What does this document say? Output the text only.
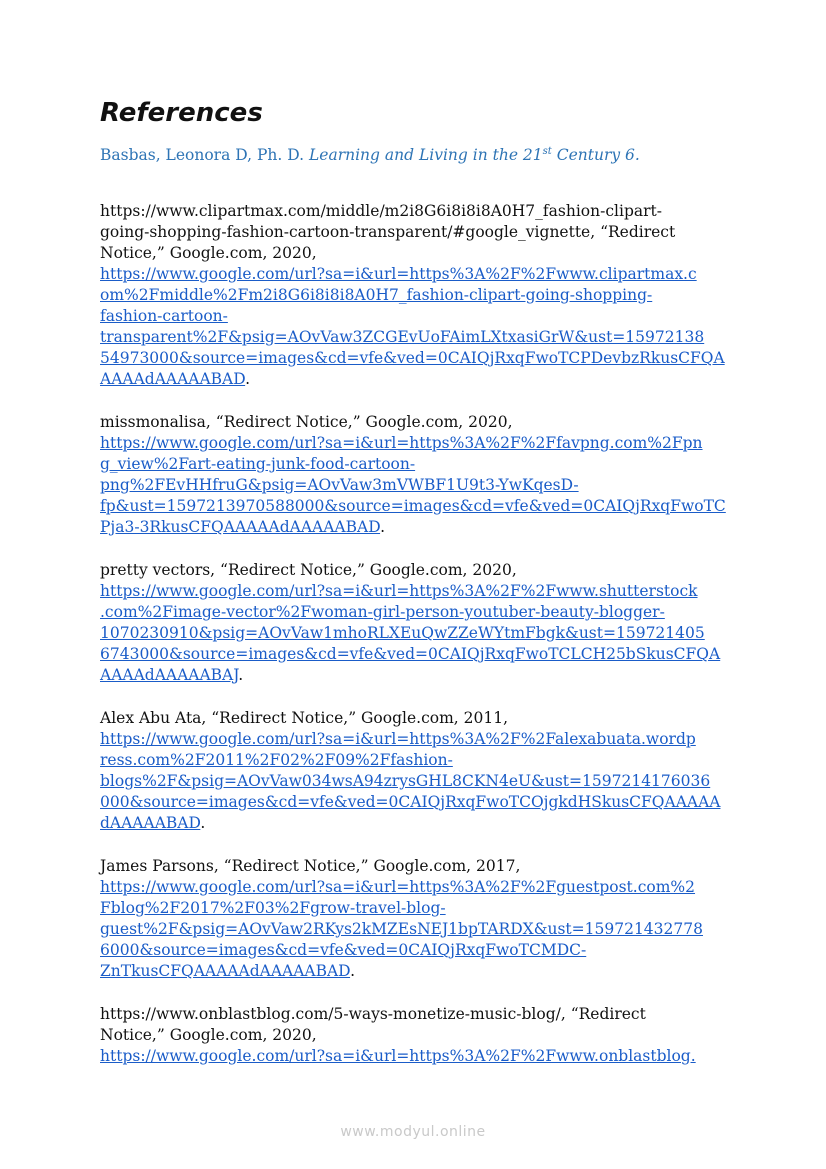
References
Basbas, Leonora D, Ph. D. Learning and Living in the 21st Century 6.
https://www.clipartmax.com/middle/m2i8G6i8i8i8A0H7_fashion-clipart-
going-shopping-fashion-cartoon-transparent/#google_vignette, “Redirect
Notice,” Google.com, 2020,
https://www.google.com/url?sa=i&url=https%3A%2F%2Fwww.clipartmax.c
om%2Fmiddle%2Fm2i8G6i8i8i8A0H7_fashion-clipart-going-shopping-
fashion-cartoon-
transparent%2F&psig=AOvVaw3ZCGEvUoFAimLXtxasiGrW&ust=15972138
54973000&source=images&cd=vfe&ved=0CAIQjRxqFwoTCPDevbzRkusCFQA
AAAAdAAAAABAD.
missmonalisa, “Redirect Notice,” Google.com, 2020,
https://www.google.com/url?sa=i&url=https%3A%2F%2Ffavpng.com%2Fpn
g_view%2Fart-eating-junk-food-cartoon-
png%2FEvHHfruG&psig=AOvVaw3mVWBF1U9t3-YwKqesD-
fp&ust=1597213970588000&source=images&cd=vfe&ved=0CAIQjRxqFwoTC
Pja3-3RkusCFQAAAAAdAAAAABAD.
pretty vectors, “Redirect Notice,” Google.com, 2020,
https://www.google.com/url?sa=i&url=https%3A%2F%2Fwww.shutterstock
.com%2Fimage-vector%2Fwoman-girl-person-youtuber-beauty-blogger-
1070230910&psig=AOvVaw1mhoRLXEuQwZZeWYtmFbgk&ust=159721405
6743000&source=images&cd=vfe&ved=0CAIQjRxqFwoTCLCH25bSkusCFQA
AAAAdAAAAABAJ.
Alex Abu Ata, “Redirect Notice,” Google.com, 2011,
https://www.google.com/url?sa=i&url=https%3A%2F%2Falexabuata.wordp
ress.com%2F2011%2F02%2F09%2Ffashion-
blogs%2F&psig=AOvVaw034wsA94zrysGHL8CKN4eU&ust=1597214176036
000&source=images&cd=vfe&ved=0CAIQjRxqFwoTCOjgkdHSkusCFQAAAAA
dAAAAABAD.
James Parsons, “Redirect Notice,” Google.com, 2017,
https://www.google.com/url?sa=i&url=https%3A%2F%2Fguestpost.com%2
Fblog%2F2017%2F03%2Fgrow-travel-blog-
guest%2F&psig=AOvVaw2RKys2kMZEsNEJ1bpTARDX&ust=159721432778
6000&source=images&cd=vfe&ved=0CAIQjRxqFwoTCMDC-
ZnTkusCFQAAAAAdAAAAABAD.
https://www.onblastblog.com/5-ways-monetize-music-blog/, “Redirect
Notice,” Google.com, 2020,
https://www.google.com/url?sa=i&url=https%3A%2F%2Fwww.onblastblog.
www.modyul.online
